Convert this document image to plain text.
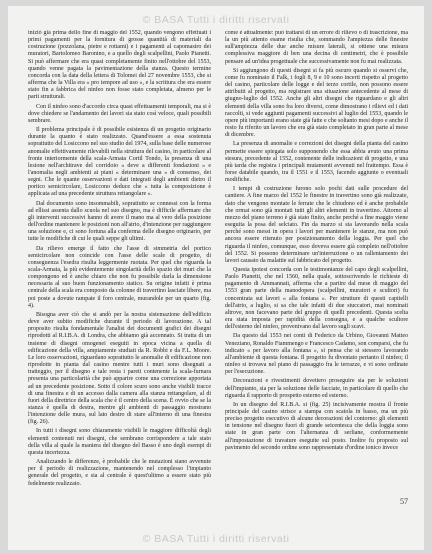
© BASA Tutti i diritti riservati

iniziò già prima dello fine di maggio del 1552, quando vengono effettuati i primi pagamenti per la fornitura di grosse quantità di materiali da costruzione (pozzolana, pietre e rottami) e i pagamenti al capomastro dei muratori, Bartolomeo Baronino, e a quello degli scalpellini, Paolo Pianetti. Si può affermare che era quasi completamente finito nell'ottobre del 1553, quando venne pagata la pavimentazione della stanza. Questo termine concorda con la data della lettera di Tolomei del 27 novembre 1553, che si afferma che la Villa era « pro tempore ad uso », e la scrittura che era essere stato fin a fabbrica del ninfeo non fosse stato completata, almeno per le parti strutturali.

Con il ninfeo sono d'accordo circa quasi effettuamenti temporali, ma si è dove chiedere se l'andamento dei lavori sia stato così veloce, quali possibili sembrare.

Il problema principale è di possibile esistenza di un progetto originario durante la quanto è stato realizzato. Quand'essere a essa sostenuta soprattutto del Losiccono nel suo studio del 1974, sulla base delle numerose anomalie effettivamente rilevabili nella struttura del casino, in particolare al fronte interiormente della scala-Armata Cortil Tondo, la presenza di una lesione nell'architrave del corridoio « deve a differenti fondazioni » e l'anomalia negli ambienti ai piani « determinare una » di consenso, dei segni. Che le quante osservazioni e dati integrati degli ambienti dietro il portico semicircolare, Losiccono deduce che « tutta la composizione è applicata ad una precedente struttura rettangolare ».

Dal documento sono insommabili, soprattutto se connessi con la forma ad ellissi assenta dallo scuola nel suo disegno, ma è difficile affermare che gli interventi successivi hanno di avere il mano ma al vero della posizione dell'ordine mantenere le posizioni non all'atrio, d'intenzione per raggiungere una soluzione e, ci sono fortuna alla conferma delle disegno originario, per tutte le modifiche di cui le quali seppe gli ultimi.

Da rilievo emerge il fatto che l'asse di simmetria del portico semicircolare non coincide con l'asse delle scale di progetto, di conseguenza l'esedra risulta leggermente ruotata. Per quel che riguarda la scala-Armata, la più evidentemente singolarità dello spazio dei muri che la compongono ed è anche chiaro che non fu possibile darla la dimensione necessaria al suo buon funzionamento statico. Su origine infatti è prima centrale della scala era composto da colonne di travertino lasciate libere, ma poi poste a dovute rampate il foro centrale, murandole per un quarto (fig. 4).

Bisogna aver ciò che si andò per la nostra sistemazione dell'edificio deve aver subito modifiche durante il periodo di lavorazione. A tal proposito risulta fondamentale l'analisi dei documenti grafici dei disegni riprodotti al R.I.B.A. di Londra, che abbiamo già accennato. Si tratta di un insieme di disegni omogenei eseguiti in epoca vicina a quella di edificazione della villa, ampiamente studiati da R. Robbi e da F.L. Moore. Le loro osservazioni, riguardano soprattutto le anomalie di edificazione non riprodotte in pianta dal casino mentre tutti i muri sono disegnati a tratteggio, per il disegno e tale resta i pareti contenente la scala-furnara presenta una particolarità che può apparire come una correzione apportata ad un precedente posizione. Sotto il colore scuro sono anche visibili tracce di una finestra e di un accesso dalla camera alla stanza rettangolare, al di fuori della direttrice della scala che è il centro della scena. È ovvio che se la stanza è quella di destra, mentre gli ambienti di passaggio mostrano l'intenzione delle mura, sul lato destro di stare all'interno di una finestra (fig. 26).

In tutti i disegni sono chiaramente visibili le maggiore difficoltà degli elementi contenuti nei disegni, che sembrano corrispondere a tale stato della villa al quale la maniera del disegno del Basso è uno degli esempi di questa incertezza.

Analizzando le differenze, è probabile che le mutazioni siano avvenute per il periodo di realizzazione, mantenendo nel complesso l'impianto generale del progetto, e sia al centrale è quest'ultimo a essere stato più fedelmente realizzato.

come è attualmente: può trattarsi di un errore di rilievo o di trascrizione, ma la un più attento esame risulta che, sommando l'ampiezza delle finestre sull'ampiezza delle due anche misure laterali, si ottiene una misura complessiva maggiore di ben una decina di centimetri, che è possibile pensare ad un'idea progettuale che successivamente non fu mai realizzata.

Si aggiungono di questi disegni si fa più oscuro quando si osservi che, come fu nominato il Falk, i fogli 8, 9 e 10 sono incerti rispetto al progetto del casino, particolare delle logge e del terzo cortile, non possono essere attribuiti al progetto, ma registrare una situazione antecedente al mese di giugno-luglio del 1552. Anche gli altri disegni che riguardano e gli altri elementi della villa sono fra loro diversi, come dimostrano i rilievi ed i dati raccolti, si vede aggiunti pagamenti successivi al luglio del 1553, quando le opere più importanti erano state già fatte e che soltanto mesi dopo e anche il resto fu riferito un lavoro che era già stato completato in gran parte al mese di dicembre.

La presenza di anomalie e correzioni dei disegni della pianta del casino permette essere spiegata solo supponendo che essa abbia avuto una prima stesura, precedente al 1552, contenente delle indicazioni di progetto, e una più tarda che registra i principali mutamenti avvenuti nel frattempo. Essa è forse databile quando, tra il 1551 e il 1553, facendo aggiunte o eventuali modifiche.

I tempi di costruzione furono solo pochi dati sulle procedure del cantiere. A fine marzo del 1552 le finestre in travertino sono già realizzate, dato che vengono montate le ferrate che le chiudono ed è anche probabile che ormai sono già montati tutti gli altri elementi in travertino. Attorno al mezzo del piano terreno è già stato finito, anche perché a fine maggio viene eseguita la posa del selciato. Fin da marzo si sta lavorando nella scala perché sono messi in opera i lavori per mantenere le stanze, ma non può ancora essere ritenuto per posizionamento della loggia. Per quel che riguarda il ninfeo, comunque, esso doveva essere già completo nell'ottobre del 1552. Si possono determinare un'interruzione o un rallentamento dei lavori causato da malattie sul fabbricato del progetto.

Questa ipotesi concorda con le testimonianze del capo degli scalpellini, Paolo Pianetti, che nel 1560, nella quale, sottoscrivendo le richieste di pagamento di Ammannati, afferma che a partire dal mese di maggio del 1553 gran parte della manodopera (scalpellini, muratori e scultori) fu concentrata sui lavori « alla fontana ». Per strutture di questi capitelli dell'atrio, a luglio, si sa che tale infatti di due stuccatori, mai nominati altrove, non facevano parte del gruppo di quelli precedenti. Questa scelta era stata imposta per rapidità della consegna, e a qualche scultore dell'esterno del ninfeo, provenivano dal lavoro sugli scavi.

Da questo dal 1553 nei conti di Federico da Urbino, Giovanni Matteo Veneziano, Ronaldo Fiammengo e Francesco Cadamo, son comparsi, che fu indicato « per lavoro alla fontana », si pensa che si stessero lavorando all'ambiente di questa fontana. Il progetto fu diventato pertanto il ninfeo; il ninfeo si trovava nel piano di passaggio fra le terrazze, e vi sono ordinate per l'esecuzione.

Decorazioni e rivestimenti dovettero proseguire sia per le soluzioni dell'impianto, sia per la soluzione delle facciate, in particolare di quello che riguarda il rapporto di prospetto esterno ed esterno.

In un disegno del R.I.B.A. si (fig. 25) incisivamente mostra il fronte principale del casino strisce a stampa con scatola in basso, ma un più preciso progetto esecutivo di alcune decorazioni del contorno: gli elementi in tensione nel disegno fuori di grande seicentesca che della loggia sono state in gran parte con l'alternanza di serliane, conformemente all'impostazione di travature eseguite sul posto. Inoltre fu proposto sul pavimento del secondo ordine sono rappresentate d'ordine ionico invece

57
© BASA Tutti i diritti riservati
